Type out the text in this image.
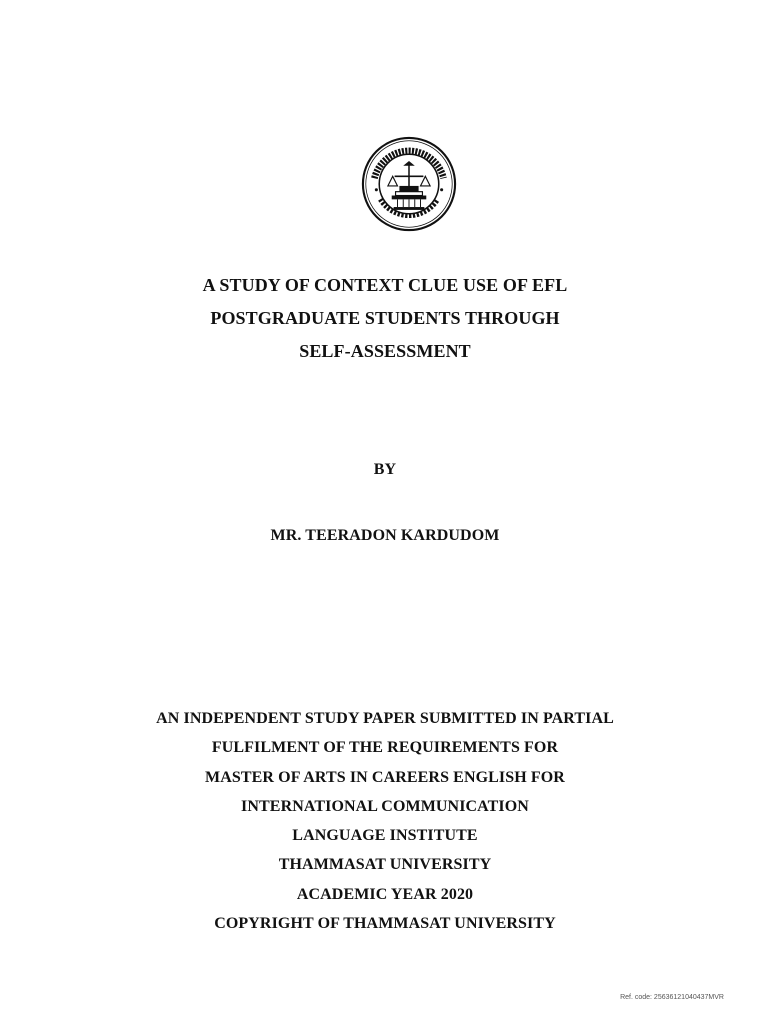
A STUDY OF CONTEXT CLUE USE OF EFL
POSTGRADUATE STUDENTS THROUGH
SELF-ASSESSMENT
BY
MR. TEERADON KARDUDOM
AN INDEPENDENT STUDY PAPER SUBMITTED IN PARTIAL
FULFILMENT OF THE REQUIREMENTS FOR
MASTER OF ARTS IN CAREERS ENGLISH FOR
INTERNATIONAL COMMUNICATION
LANGUAGE INSTITUTE
THAMMASAT UNIVERSITY
ACADEMIC YEAR 2020
COPYRIGHT OF THAMMASAT UNIVERSITY
Ref. code: 25636121040437MVR
